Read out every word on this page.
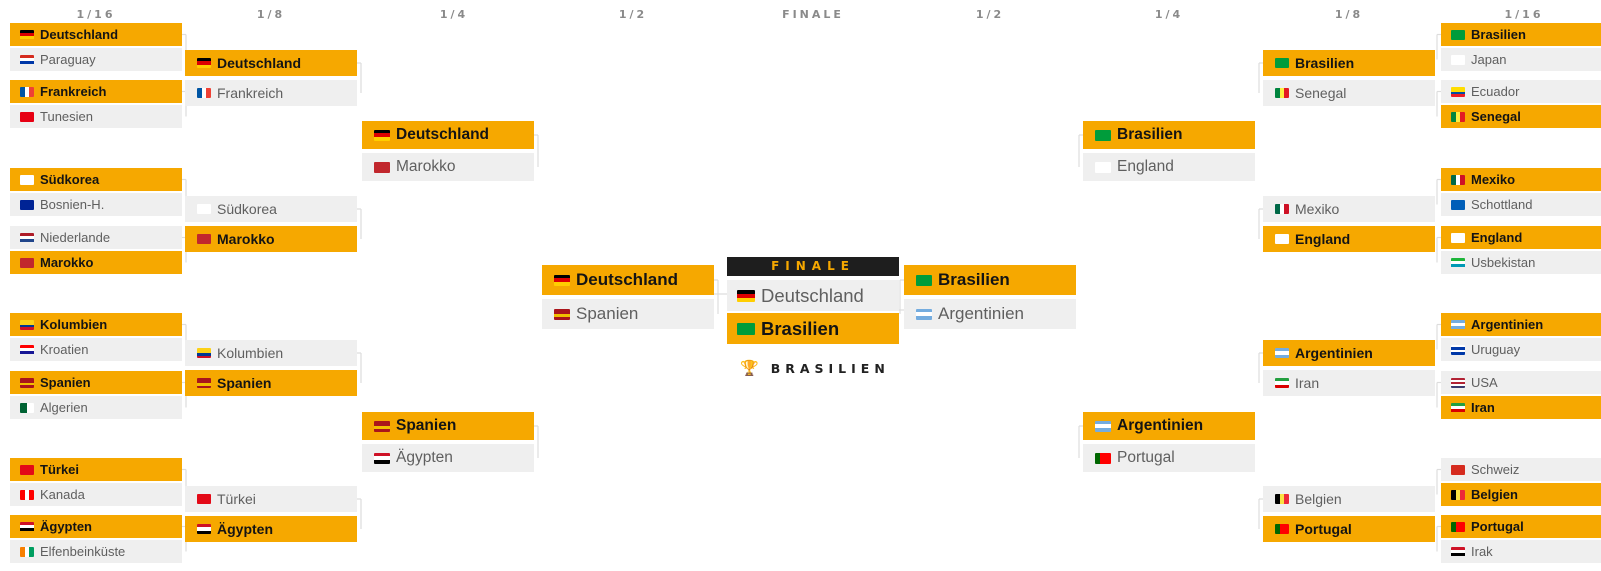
1/16	1/8	1/4	1/2	FINALE	1/2	1/4	1/8	1/16
FINALE
🏆 BRASILIEN
Deutschland
Paraguay
Frankreich
Tunesien
Südkorea
Bosnien-H.
Niederlande
Marokko
Kolumbien
Kroatien
Spanien
Algerien
Türkei
Kanada
Ägypten
Elfenbeinküste
Deutschland
Frankreich
Südkorea
Marokko
Kolumbien
Spanien
Türkei
Ägypten
Deutschland
Marokko
Spanien
Ägypten
Deutschland
Spanien
Brasilien
Japan
Ecuador
Senegal
Mexiko
Schottland
England
Usbekistan
Argentinien
Uruguay
USA
Iran
Schweiz
Belgien
Portugal
Irak
Brasilien
Senegal
Mexiko
England
Argentinien
Iran
Belgien
Portugal
Brasilien
England
Argentinien
Portugal
Brasilien
Argentinien
Deutschland
Brasilien
